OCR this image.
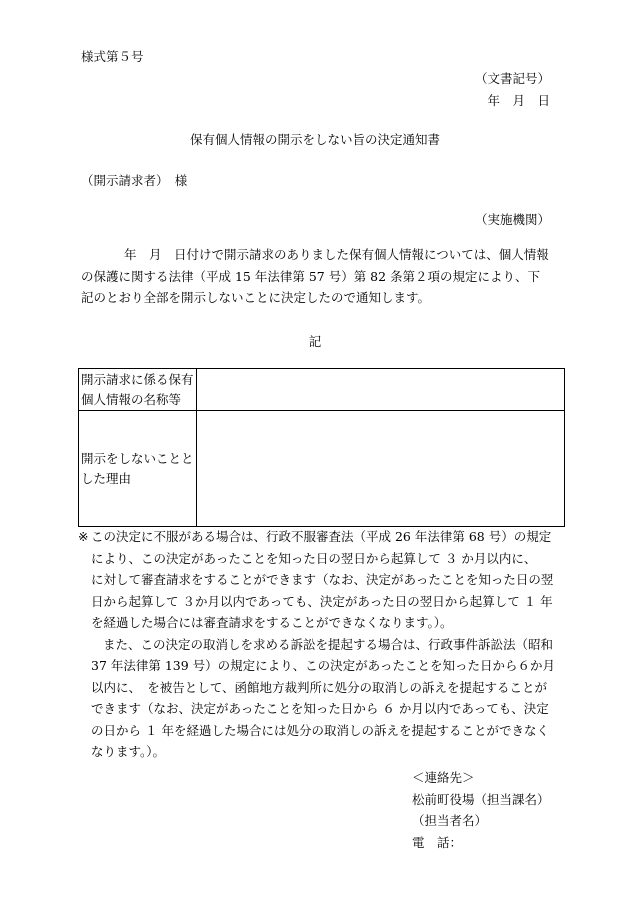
様式第５号
（文書記号）
年　月　日
保有個人情報の開示をしない旨の決定通知書
（開示請求者）　様
（実施機関）
年　月　日付けで開示請求のありました保有個人情報については、個人情報の保護に関する法律（平成 15 年法律第 57 号）第 82 条第２項の規定により、下記のとおり全部を開示しないことに決定したので通知します。
記
開示請求に係る保有個人情報の名称等	
開示をしないこととした理由	
※ この決定に不服がある場合は、行政不服審査法（平成 26 年法律第 68 号）の規定により、この決定があったことを知った日の翌日から起算して ３ か月以内に、　　　に対して審査請求をすることができます（なお、決定があったことを知った日の翌日から起算して ３か月以内であっても、決定があった日の翌日から起算して １ 年を経過した場合には審査請求をすることができなくなります。）。

また、この決定の取消しを求める訴訟を提起する場合は、行政事件訴訟法（昭和 37 年法律第 139 号）の規定により、この決定があったことを知った日から６か月以内に、　を被告として、函館地方裁判所に処分の取消しの訴えを提起することができます（なお、決定があったことを知った日から ６ か月以内であっても、決定の日から １ 年を経過した場合には処分の取消しの訴えを提起することができなくなります。）。

＜連絡先＞
松前町役場（担当課名）
（担当者名）
電　話：
